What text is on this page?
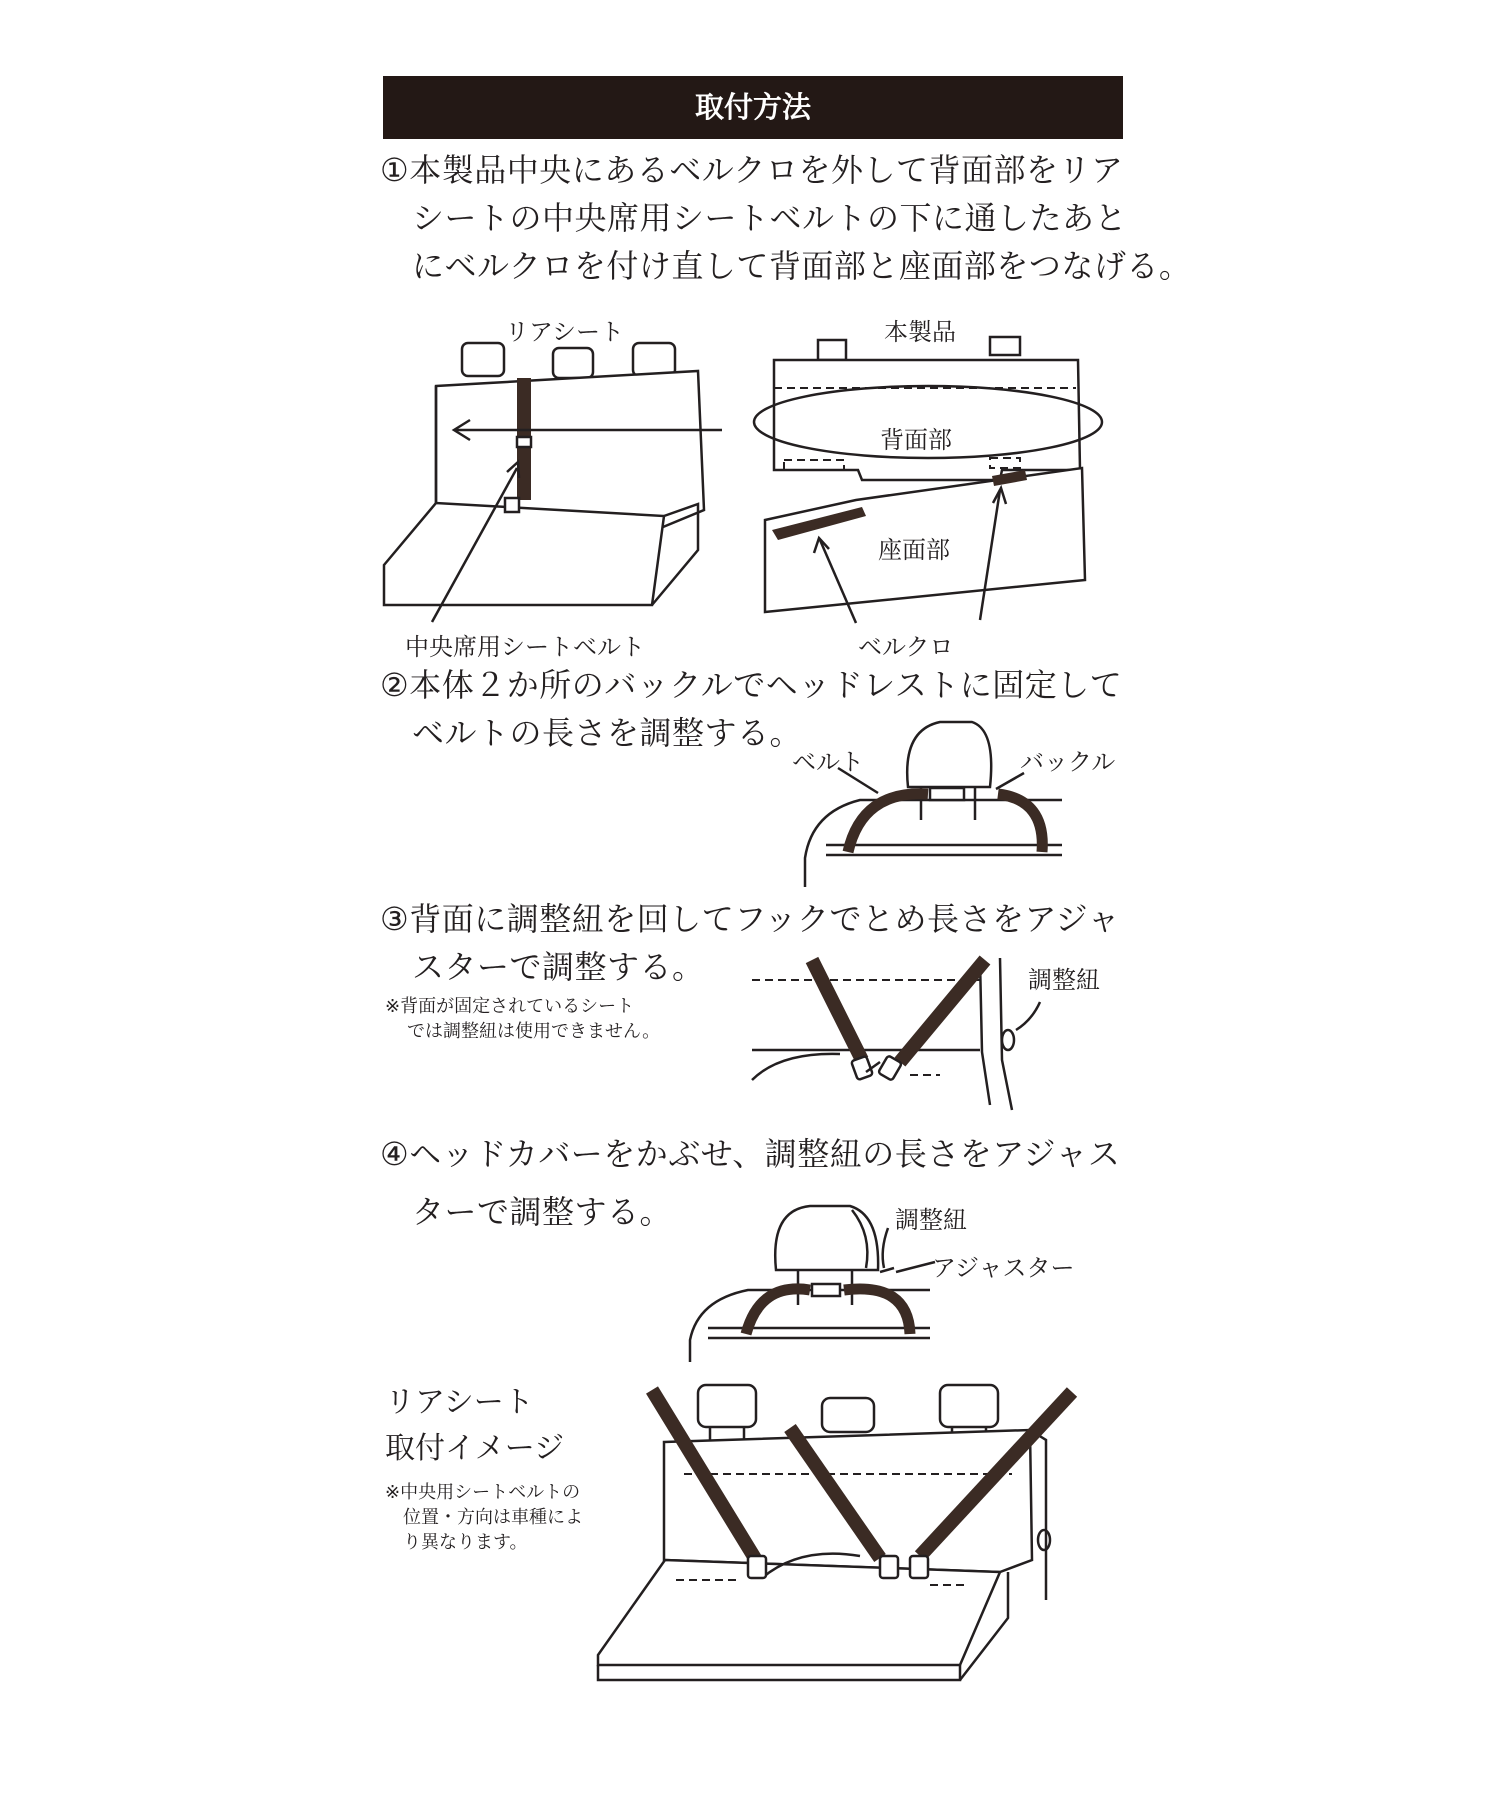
取付方法
①本製品中央にあるベルクロを外して背面部をリア
シートの中央席用シートベルトの下に通したあと
にベルクロを付け直して背面部と座面部をつなげる。
リアシート
中央席用シートベルト
本製品
背面部
座面部
ベルクロ
②本体２か所のバックルでヘッドレストに固定して
ベルトの長さを調整する。
ベルト	バックル
③背面に調整紐を回してフックでとめ長さをアジャ
スターで調整する。
※背面が固定されているシート
では調整紐は使用できません。
調整紐
④ヘッドカバーをかぶせ、調整紐の長さをアジャス
ターで調整する。	調整紐
アジャスター
リアシート
取付イメージ
※中央用シートベルトの
位置・方向は車種によ
り異なります。
